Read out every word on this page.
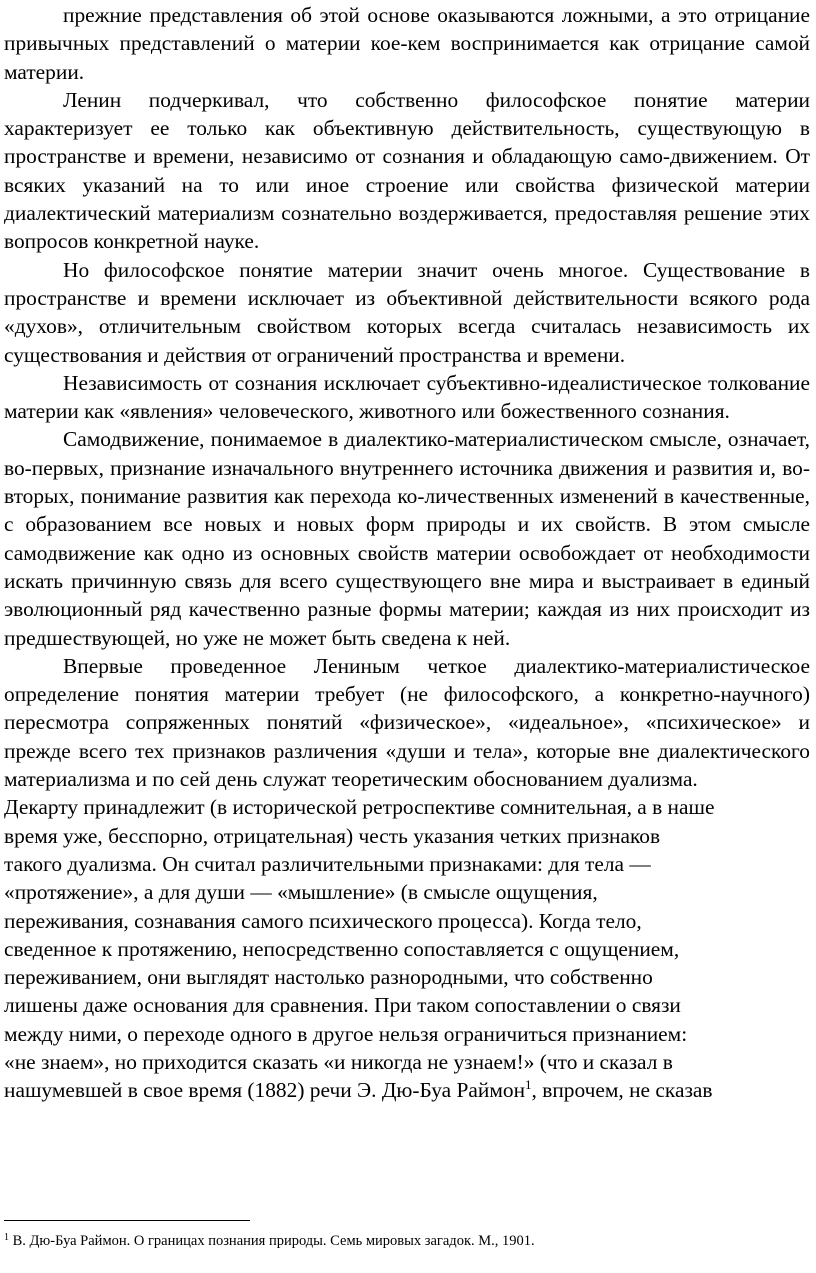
прежние представления об этой основе оказываются ложными, а это отрицание привычных представлений о материи кое-кем воспринимается как отрицание самой материи.

Ленин подчеркивал, что собственно философское понятие материи характеризует ее только как объективную действительность, существующую в пространстве и времени, независимо от сознания и обладающую само-движением. От всяких указаний на то или иное строение или свойства физической материи диалектический материализм сознательно воздерживается, предоставляя решение этих вопросов конкретной науке.

Но философское понятие материи значит очень многое. Существование в пространстве и времени исключает из объективной действительности всякого рода «духов», отличительным свойством которых всегда считалась независимость их существования и действия от ограничений пространства и времени.

Независимость от сознания исключает субъективно-идеалистическое толкование материи как «явления» человеческого, животного или божественного сознания.

Самодвижение, понимаемое в диалектико-материалистическом смысле, означает, во-первых, признание изначального внутреннего источника движения и развития и, во-вторых, понимание развития как перехода ко-личественных изменений в качественные, с образованием все новых и новых форм природы и их свойств. В этом смысле самодвижение как одно из основных свойств материи освобождает от необходимости искать причинную связь для всего существующего вне мира и выстраивает в единый эволюционный ряд качественно разные формы материи; каждая из них происходит из предшествующей, но уже не может быть сведена к ней.

Впервые проведенное Лениным четкое диалектико-материалистическое определение понятия материи требует (не философского, а конкретно-научного) пересмотра сопряженных понятий «физическое», «идеальное», «психическое» и прежде всего тех признаков различения «души и тела», которые вне диалектического материализма и по сей день служат теоретическим обоснованием дуализма.

Декарту принадлежит (в исторической ретроспективе сомнительная, а в наше
время уже, бесспорно, отрицательная) честь указания четких признаков
такого дуализма. Он считал различительными признаками: для тела —
«протяжение», а для души — «мышление» (в смысле ощущения,
переживания, сознавания самого психического процесса). Когда тело,
сведенное к протяжению, непосредственно сопоставляется с ощущением,
переживанием, они выглядят настолько разнородными, что собственно
лишены даже основания для сравнения. При таком сопоставлении о связи
между ними, о переходе одного в другое нельзя ограничиться признанием:
«не знаем», но приходится сказать «и никогда не узнаем!» (что и сказал в
нашумевшей в свое время (1882) речи Э. Дю-Буа Раймон$^1$, впрочем, не сказав

$^1$ В. Дю-Буа Раймон. О границах познания природы. Семь мировых загадок. М., 1901.
